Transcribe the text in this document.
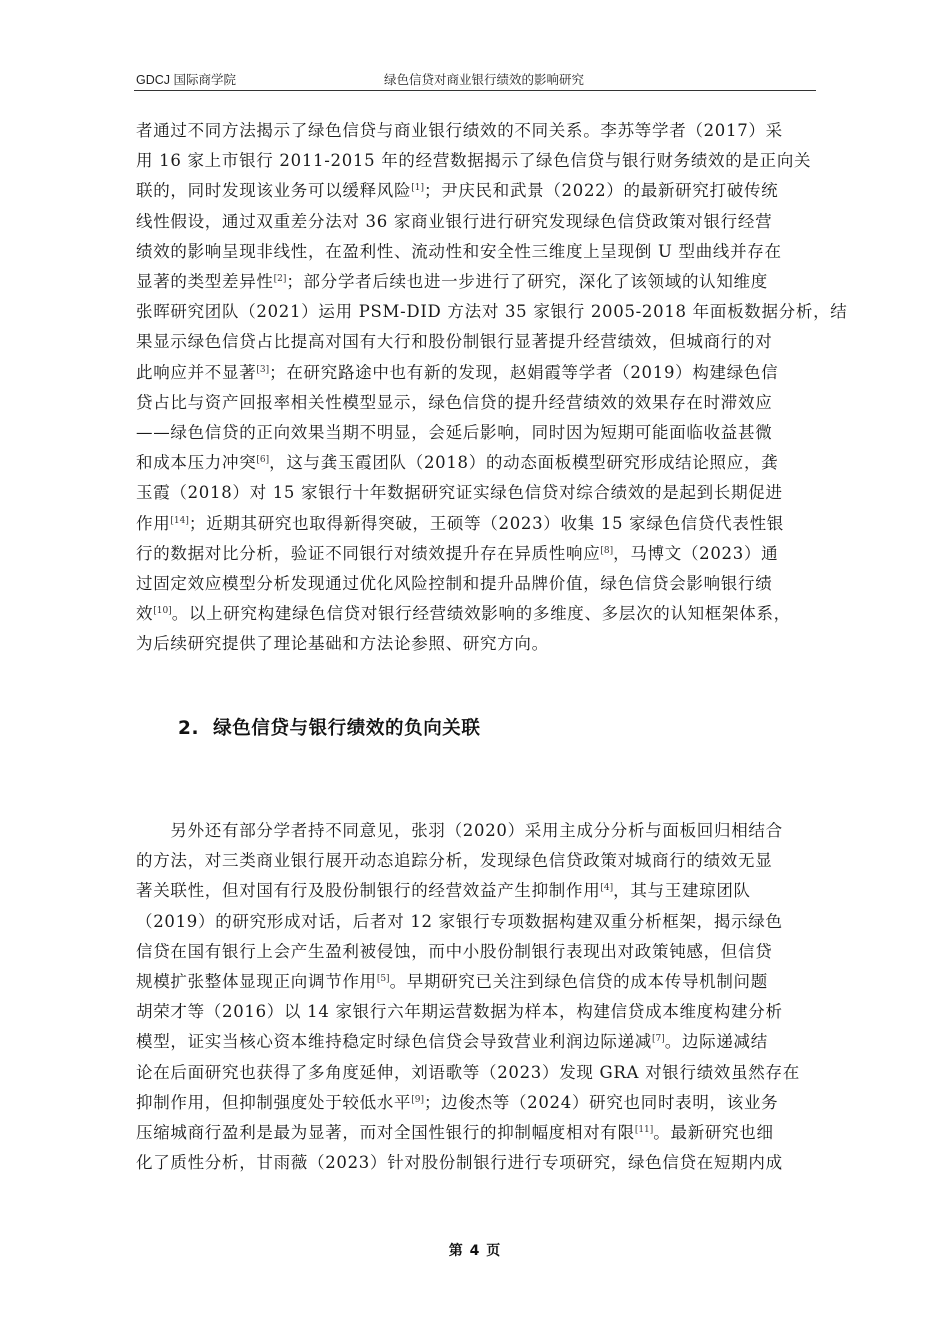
GDCJ 国际商学院	绿色信贷对商业银行绩效的影响研究
者通过不同方法揭示了绿色信贷与商业银行绩效的不同关系。李苏等学者（2017）采
用 16 家上市银行 2011-2015 年的经营数据揭示了绿色信贷与银行财务绩效的是正向关
联的，同时发现该业务可以缓释风险[1]；尹庆民和武景（2022）的最新研究打破传统
线性假设，通过双重差分法对 36 家商业银行进行研究发现绿色信贷政策对银行经营
绩效的影响呈现非线性，在盈利性、流动性和安全性三维度上呈现倒 U 型曲线并存在
显著的类型差异性[2]；部分学者后续也进一步进行了研究，深化了该领域的认知维度
张晖研究团队（2021）运用 PSM-DID 方法对 35 家银行 2005-2018 年面板数据分析，结
果显示绿色信贷占比提高对国有大行和股份制银行显著提升经营绩效，但城商行的对
此响应并不显著[3]；在研究路途中也有新的发现，赵娟霞等学者（2019）构建绿色信
贷占比与资产回报率相关性模型显示，绿色信贷的提升经营绩效的效果存在时滞效应
——绿色信贷的正向效果当期不明显，会延后影响，同时因为短期可能面临收益甚微
和成本压力冲突[6]，这与龚玉霞团队（2018）的动态面板模型研究形成结论照应，龚
玉霞（2018）对 15 家银行十年数据研究证实绿色信贷对综合绩效的是起到长期促进
作用[14]；近期其研究也取得新得突破，王硕等（2023）收集 15 家绿色信贷代表性银
行的数据对比分析，验证不同银行对绩效提升存在异质性响应[8]，马博文（2023）通
过固定效应模型分析发现通过优化风险控制和提升品牌价值，绿色信贷会影响银行绩
效[10]。以上研究构建绿色信贷对银行经营绩效影响的多维度、多层次的认知框架体系，
为后续研究提供了理论基础和方法论参照、研究方向。
2. 绿色信贷与银行绩效的负向关联
　　另外还有部分学者持不同意见，张羽（2020）采用主成分分析与面板回归相结合
的方法，对三类商业银行展开动态追踪分析，发现绿色信贷政策对城商行的绩效无显
著关联性，但对国有行及股份制银行的经营效益产生抑制作用[4]，其与王建琼团队
（2019）的研究形成对话，后者对 12 家银行专项数据构建双重分析框架，揭示绿色
信贷在国有银行上会产生盈利被侵蚀，而中小股份制银行表现出对政策钝感，但信贷
规模扩张整体显现正向调节作用[5]。早期研究已关注到绿色信贷的成本传导机制问题
胡荣才等（2016）以 14 家银行六年期运营数据为样本，构建信贷成本维度构建分析
模型，证实当核心资本维持稳定时绿色信贷会导致营业利润边际递减[7]。边际递减结
论在后面研究也获得了多角度延伸，刘语歌等（2023）发现 GRA 对银行绩效虽然存在
抑制作用，但抑制强度处于较低水平[9]；边俊杰等（2024）研究也同时表明，该业务
压缩城商行盈利是最为显著，而对全国性银行的抑制幅度相对有限[11]。最新研究也细
化了质性分析，甘雨薇（2023）针对股份制银行进行专项研究，绿色信贷在短期内成
第 4 页
